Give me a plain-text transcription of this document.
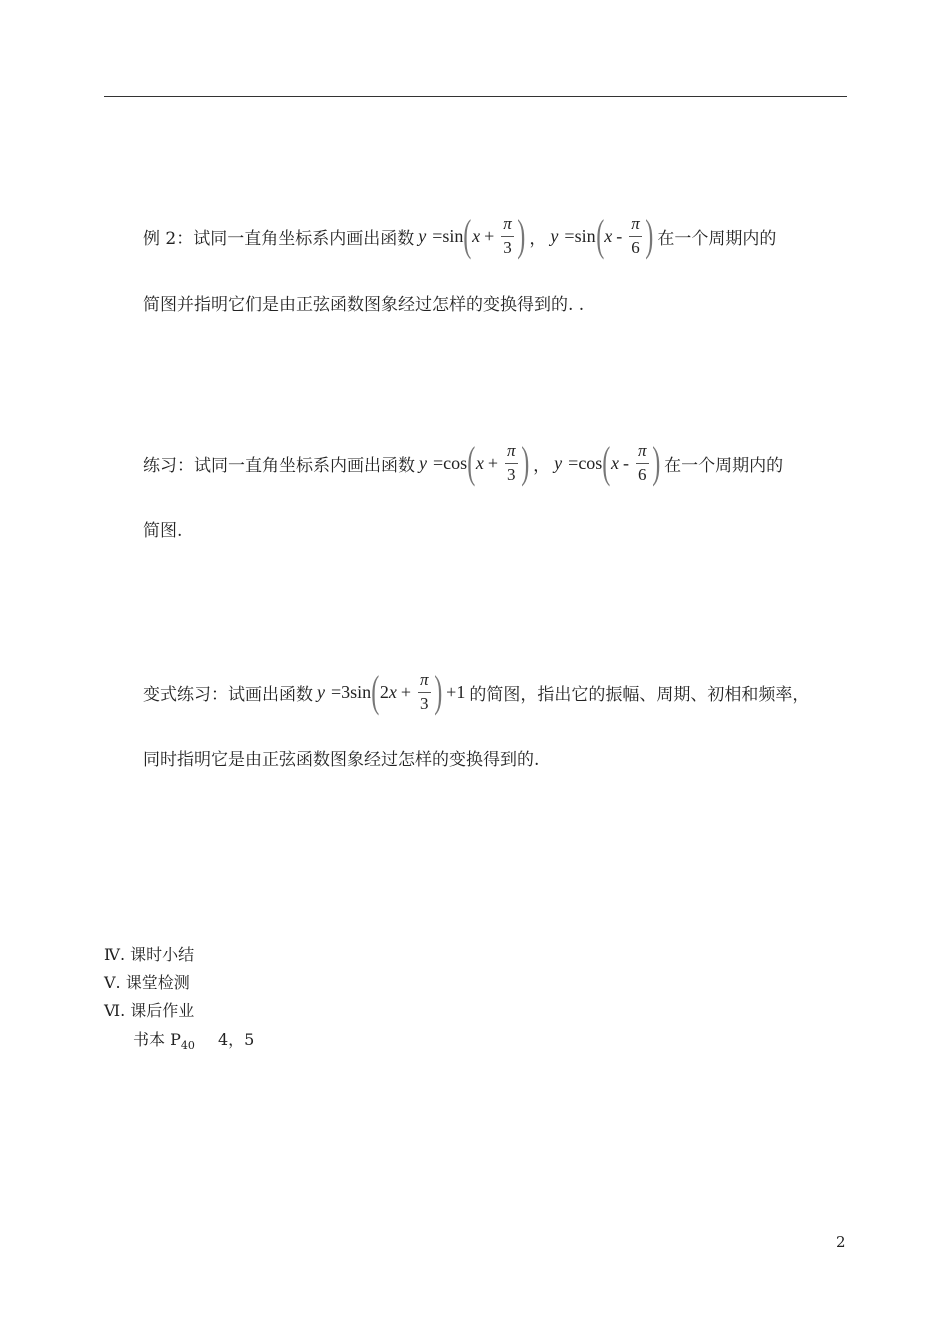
例 2：试同一直角坐标系内画出函数 y = sin ( $x + \frac{\pi}{3}$ ) ， y = sin ( x - $\frac{\pi}{6}$ ) 在一个周期内的
简图并指明它们是由正弦函数图象经过怎样的变换得到的. .
练习：试同一直角坐标系内画出函数 y = cos ( $x + \frac{\pi}{3}$ ) ， y = cos ( x - $\frac{\pi}{6}$ ) 在一个周期内的
简图.
变式练习：试画出函数 y = 3 sin ( 2 $x + \frac{\pi}{3}$ ) +1 的简图，指出它的振幅、周期、初相和频率，
同时指明它是由正弦函数图象经过怎样的变换得到的.
Ⅳ. 课时小结
Ⅴ. 课堂检测
Ⅵ. 课后作业
书本 $P_{40}$ 4，5
2
